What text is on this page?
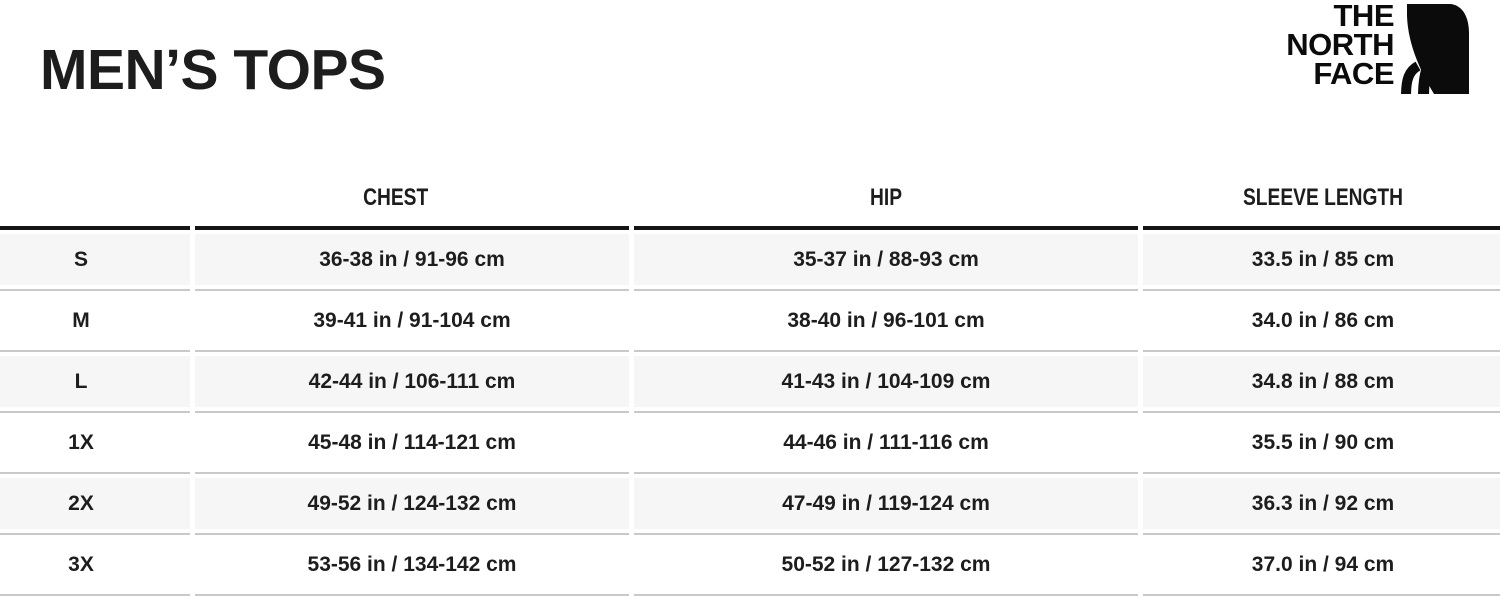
MEN’S TOPS
THE
NORTH
FACE
	CHEST	HIP	SLEEVE LENGTH
S	36-38 in / 91-96 cm	35-37 in / 88-93 cm	33.5 in / 85 cm
M	39-41 in / 91-104 cm	38-40 in / 96-101 cm	34.0 in / 86 cm
L	42-44 in / 106-111 cm	41-43 in / 104-109 cm	34.8 in / 88 cm
1X	45-48 in / 114-121 cm	44-46 in / 111-116 cm	35.5 in / 90 cm
2X	49-52 in / 124-132 cm	47-49 in / 119-124 cm	36.3 in / 92 cm
3X	53-56 in / 134-142 cm	50-52 in / 127-132 cm	37.0 in / 94 cm
